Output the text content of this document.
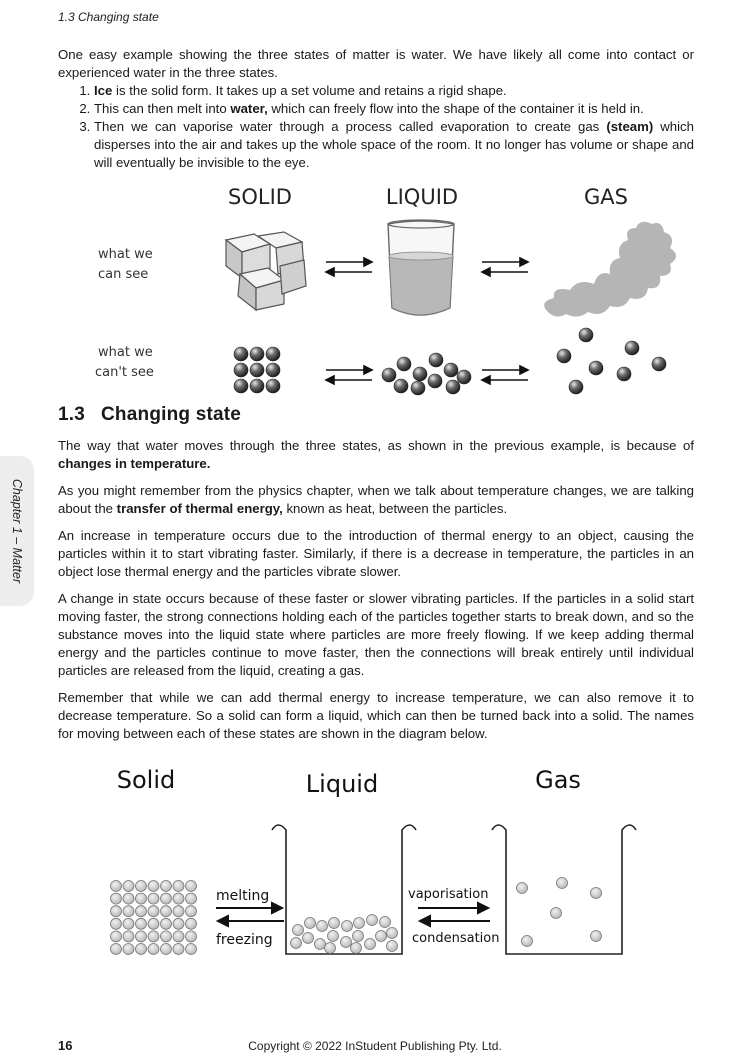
1.3 Changing state

One easy example showing the three states of matter is water. We have likely all come into contact or experienced water in the three states.

1. Ice is the solid form. It takes up a set volume and retains a rigid shape.
2. This can then melt into water, which can freely flow into the shape of the container it is held in.
3. Then we can vaporise water through a process called evaporation to create gas (steam) which disperses into the air and takes up the whole space of the room. It no longer has volume or shape and will eventually be invisible to the eye.
SOLID	LIQUID	GAS
what we
can see
what we
can't see
1.3 Changing state

The way that water moves through the three states, as shown in the previous example, is because of changes in temperature.

As you might remember from the physics chapter, when we talk about temperature changes, we are talking about the transfer of thermal energy, known as heat, between the particles.

An increase in temperature occurs due to the introduction of thermal energy to an object, causing the particles within it to start vibrating faster. Similarly, if there is a decrease in temperature, the particles in an object lose thermal energy and the particles vibrate slower.

A change in state occurs because of these faster or slower vibrating particles. If the particles in a solid start moving faster, the strong connections holding each of the particles together starts to break down, and so the substance moves into the liquid state where particles are more freely flowing. If we keep adding thermal energy and the particles continue to move faster, then the connections will break entirely until individual particles are released from the liquid, creating a gas.

Remember that while we can add thermal energy to increase temperature, we can also remove it to decrease temperature. So a solid can form a liquid, which can then be turned back into a solid. The names for moving between each of these states are shown in the diagram below.

Solid	Liquid	Gas
melting
freezing
vaporisation
condensation
Chapter 1 – Matter
16	Copyright © 2022 InStudent Publishing Pty. Ltd.
